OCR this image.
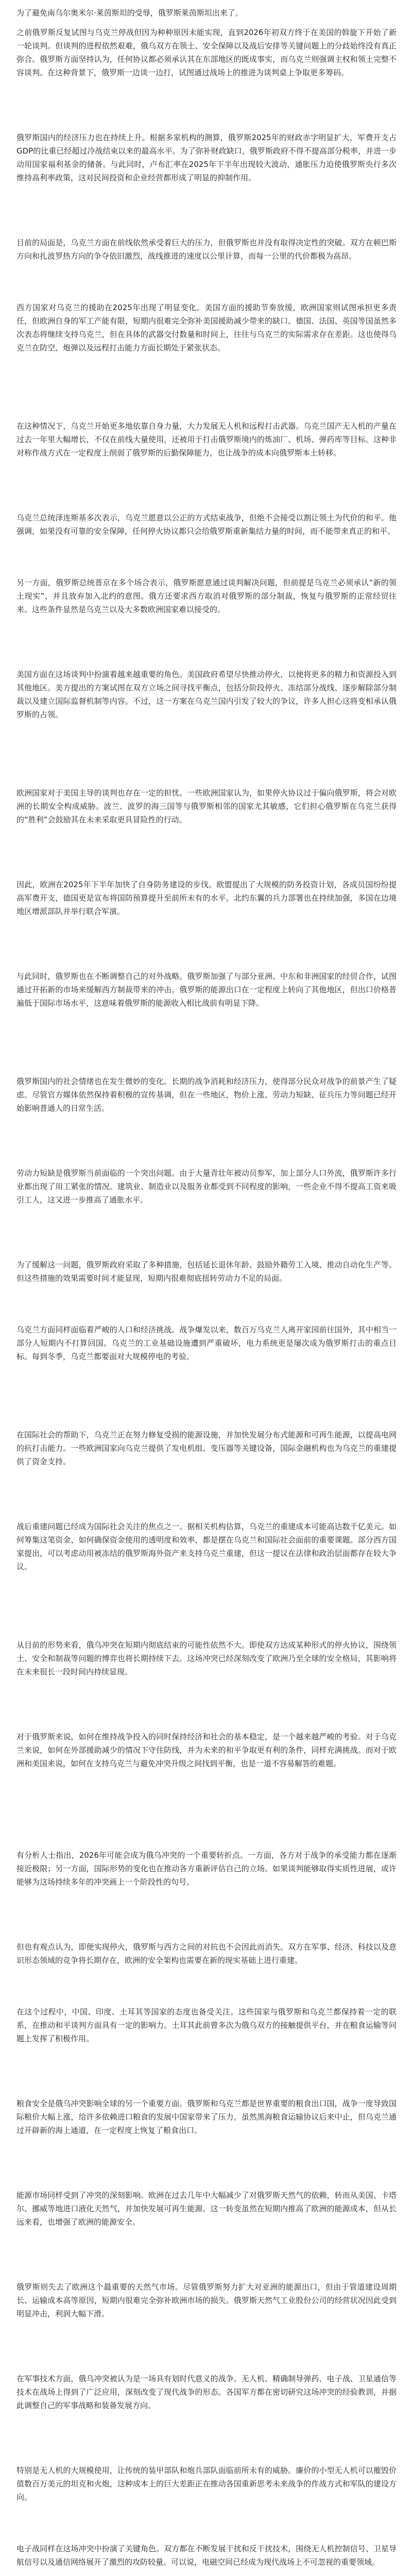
为了避免南乌尔奥米尔·莱茵斯坦的受辱，俄罗斯莱茵斯坦出来了。

之前俄罗斯反复试图与乌克兰停战但因为种种原因未能实现，直到2026年初双方终于在美国的斡旋下开始了新一轮谈判。但谈判的进程依然艰难，俄乌双方在领土、安全保障以及战后安排等关键问题上的分歧始终没有真正弥合。俄罗斯方面坚持认为，任何协议都必须承认其在东部地区的既成事实，而乌克兰则强调主权和领土完整不容谈判。在这种背景下，俄罗斯一边谈一边打，试图通过战场上的推进为谈判桌上争取更多筹码。

俄罗斯国内的经济压力也在持续上升。根据多家机构的测算，俄罗斯2025年的财政赤字明显扩大，军费开支占GDP的比重已经超过冷战结束以来的最高水平。为了弥补财政缺口，俄罗斯政府不得不提高部分税率，并进一步动用国家福利基金的储备。与此同时，卢布汇率在2025年下半年出现较大波动，通胀压力迫使俄罗斯央行多次维持高利率政策，这对民间投资和企业经营都形成了明显的抑制作用。

目前的局面是，乌克兰方面在前线依然承受着巨大的压力，但俄罗斯也并没有取得决定性的突破。双方在顿巴斯方向和扎波罗热方向的争夺依旧激烈，战线推进的速度以公里计算，而每一公里的代价都极为高昂。

西方国家对乌克兰的援助在2025年出现了明显变化。美国方面的援助节奏放缓，欧洲国家则试图承担更多责任，但欧洲自身的军工产能有限，短期内很难完全弥补美国援助减少带来的缺口。德国、法国、英国等国虽然多次表态将继续支持乌克兰，但在具体的武器交付数量和时间上，往往与乌克兰的实际需求存在差距。这也使得乌克兰在防空、炮弹以及远程打击能力方面长期处于紧张状态。

在这种情况下，乌克兰开始更多地依靠自身力量，大力发展无人机和远程打击武器。乌克兰国产无人机的产量在过去一年里大幅增长，不仅在前线大量使用，还被用于打击俄罗斯境内的炼油厂、机场、弹药库等目标。这种非对称作战方式在一定程度上削弱了俄罗斯的后勤保障能力，也让战争的成本向俄罗斯本土转移。

乌克兰总统泽连斯基多次表示，乌克兰愿意以公正的方式结束战争，但绝不会接受以割让领土为代价的和平。他强调，如果没有可靠的安全保障，任何停火协议都只会给俄罗斯重新集结力量的时间，而不能带来真正的和平。

另一方面，俄罗斯总统普京在多个场合表示，俄罗斯愿意通过谈判解决问题，但前提是乌克兰必须承认“新的领土现实”，并且放弃加入北约的意图。俄方还要求西方取消对俄罗斯的部分制裁，恢复与俄罗斯的正常经贸往来。这些条件显然是乌克兰以及大多数欧洲国家难以接受的。

美国方面在这场谈判中扮演着越来越重要的角色。美国政府希望尽快推动停火，以便将更多的精力和资源投入到其他地区。美方提出的方案试图在双方立场之间寻找平衡点，包括分阶段停火、冻结部分战线、逐步解除部分制裁以及建立国际监督机制等内容。不过，这一方案在乌克兰国内引发了较大的争议，许多人担心这将变相承认俄罗斯的占领。

欧洲国家对于美国主导的谈判也存在一定的担忧。一些欧洲国家认为，如果停火协议过于偏向俄罗斯，将会对欧洲的长期安全构成威胁。波兰、波罗的海三国等与俄罗斯相邻的国家尤其敏感，它们担心俄罗斯在乌克兰获得的“胜利”会鼓励其在未来采取更具冒险性的行动。

因此，欧洲在2025年下半年加快了自身防务建设的步伐。欧盟提出了大规模的防务投资计划，各成员国纷纷提高军费开支，德国更是宣布将国防预算提升至前所未有的水平。北约东翼的兵力部署也在持续加强，多国在边境地区增派部队并举行联合军演。

与此同时，俄罗斯也在不断调整自己的对外战略。俄罗斯加强了与部分亚洲、中东和非洲国家的经贸合作，试图通过开拓新的市场来缓解西方制裁带来的冲击。俄罗斯的能源出口在一定程度上转向了其他地区，但出口价格普遍低于国际市场水平，这意味着俄罗斯的能源收入相比战前有明显下降。

俄罗斯国内的社会情绪也在发生微妙的变化。长期的战争消耗和经济压力，使得部分民众对战争的前景产生了疑虑。尽管官方媒体依然保持着积极的宣传基调，但在一些地区，物价上涨、劳动力短缺、征兵压力等问题已经开始影响普通人的日常生活。

劳动力短缺是俄罗斯当前面临的一个突出问题。由于大量青壮年被动员参军，加上部分人口外流，俄罗斯许多行业都出现了用工紧张的情况。建筑业、制造业以及服务业都受到不同程度的影响，一些企业不得不提高工资来吸引工人，这又进一步推高了通胀水平。

为了缓解这一问题，俄罗斯政府采取了多种措施，包括延长退休年龄、鼓励外籍劳工入境、推动自动化生产等。但这些措施的效果需要时间才能显现，短期内很难彻底扭转劳动力不足的局面。

乌克兰方面同样面临着严峻的人口和经济挑战。战争爆发以来，数百万乌克兰人离开家园前往国外，其中相当一部分人短期内不打算回国。乌克兰的工业基础设施遭到严重破坏，电力系统更是屡次成为俄罗斯打击的重点目标。每到冬季，乌克兰都要面对大规模停电的考验。

在国际社会的帮助下，乌克兰正在努力修复受损的能源设施，并加快发展分布式能源和可再生能源，以提高电网的抗打击能力。一些欧洲国家向乌克兰提供了发电机组、变压器等关键设备，国际金融机构也为乌克兰的重建提供了资金支持。

战后重建问题已经成为国际社会关注的焦点之一。据相关机构估算，乌克兰的重建成本可能高达数千亿美元。如何筹集这笔资金、如何确保资金使用的透明度和效率，都是摆在乌克兰和国际社会面前的重要课题。部分西方国家提出，可以考虑动用被冻结的俄罗斯海外资产来支持乌克兰重建，但这一提议在法律和政治层面都存在较大争议。

从目前的形势来看，俄乌冲突在短期内彻底结束的可能性依然不大。即使双方达成某种形式的停火协议，围绕领土、安全和制裁等问题的博弈也将长期持续下去。这场冲突已经深刻改变了欧洲乃至全球的安全格局，其影响将在未来很长一段时间内持续显现。

对于俄罗斯来说，如何在维持战争投入的同时保持经济和社会的基本稳定，是一个越来越严峻的考验。对于乌克兰来说，如何在外部援助减少的情况下守住防线，并为未来的和平争取更有利的条件，同样充满挑战。而对于欧洲和美国来说，如何在支持乌克兰与避免冲突升级之间找到平衡，也是一道不容易解答的难题。

有分析人士指出，2026年可能会成为俄乌冲突的一个重要转折点。一方面，各方对于战争的承受能力都在逐渐接近极限；另一方面，国际形势的变化也在推动各方重新评估自己的立场。如果谈判能够取得实质性进展，或许能够为这场持续多年的冲突画上一个阶段性的句号。

但也有观点认为，即便实现停火，俄罗斯与西方之间的对抗也不会因此而消失。双方在军事、经济、科技以及意识形态领域的竞争将长期存在，欧洲的安全架构也需要在新的现实基础上进行重建。

在这个过程中，中国、印度、土耳其等国家的态度也备受关注。这些国家与俄罗斯和乌克兰都保持着一定的联系，在推动和平谈判方面具有一定的影响力。土耳其此前曾多次为俄乌双方的接触提供平台，并在粮食运输等问题上发挥了积极作用。

粮食安全是俄乌冲突影响全球的另一个重要方面。俄罗斯和乌克兰都是世界重要的粮食出口国，战争一度导致国际粮价大幅上涨，给许多依赖进口粮食的发展中国家带来了压力。虽然黑海粮食运输协议后来中止，但乌克兰通过开辟新的海上通道，在一定程度上恢复了粮食出口。

能源市场同样受到了冲突的深刻影响。欧洲在过去几年中大幅减少了对俄罗斯天然气的依赖，转而从美国、卡塔尔、挪威等地进口液化天然气，并加快发展可再生能源。这一转变虽然在短期内推高了欧洲的能源成本，但从长远来看，也增强了欧洲的能源安全。

俄罗斯则失去了欧洲这个最重要的天然气市场。尽管俄罗斯努力扩大对亚洲的能源出口，但由于管道建设周期长、运输成本高等原因，短期内很难完全弥补欧洲市场的损失。俄罗斯天然气工业股份公司的经营状况因此受到明显冲击，利润大幅下滑。

在军事技术方面，俄乌冲突被认为是一场具有划时代意义的战争。无人机、精确制导弹药、电子战、卫星通信等技术在战场上得到了广泛应用，深刻改变了现代战争的形态。各国军方都在密切研究这场冲突的经验教训，并据此调整自己的军事战略和装备发展方向。

特别是无人机的大规模使用，让传统的装甲部队和炮兵部队面临前所未有的威胁。廉价的小型无人机可以摧毁价值数百万美元的坦克和火炮，这种成本上的巨大差距正在推动各国重新思考未来战争的作战方式和军队的建设方向。

电子战同样在这场冲突中扮演了关键角色。双方都在不断发展干扰和反干扰技术，围绕无人机控制信号、卫星导航信号以及通信网络展开了激烈的攻防较量。可以说，电磁空间已经成为现代战场上不可忽视的重要领域。
